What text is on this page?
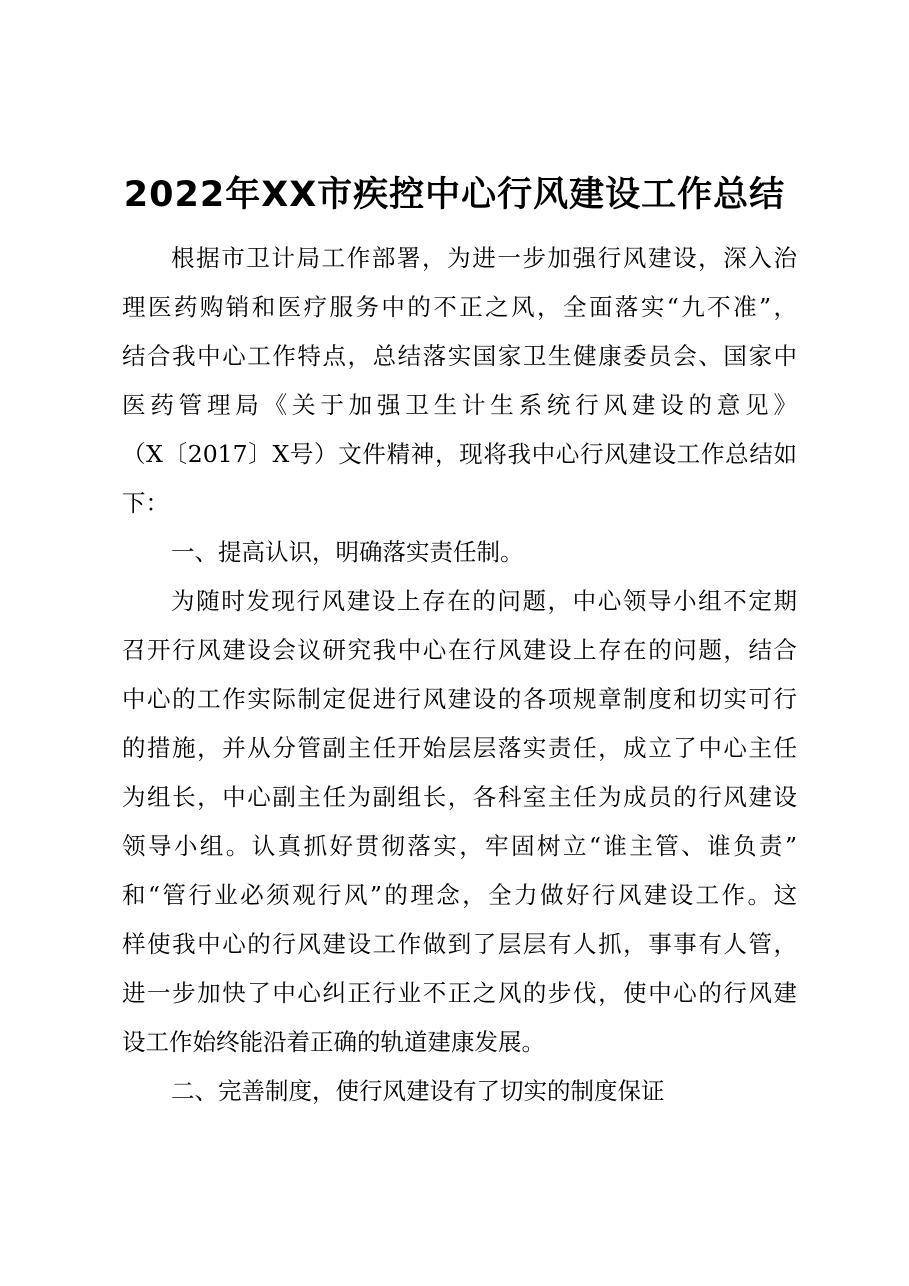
2022年XX市疾控中心行风建设工作总结
根据市卫计局工作部署，为进一步加强行风建设，深入治
理医药购销和医疗服务中的不正之风，全面落实“九不准”，
结合我中心工作特点，总结落实国家卫生健康委员会、国家中
医药管理局《关于加强卫生计生系统行风建设的意见》
（X〔2017〕X号）文件精神，现将我中心行风建设工作总结如
下：
一、提高认识，明确落实责任制。
为随时发现行风建设上存在的问题，中心领导小组不定期
召开行风建设会议研究我中心在行风建设上存在的问题，结合
中心的工作实际制定促进行风建设的各项规章制度和切实可行
的措施，并从分管副主任开始层层落实责任，成立了中心主任
为组长，中心副主任为副组长，各科室主任为成员的行风建设
领导小组。认真抓好贯彻落实，牢固树立“谁主管、谁负责”
和“管行业必须观行风”的理念，全力做好行风建设工作。这
样使我中心的行风建设工作做到了层层有人抓，事事有人管，
进一步加快了中心纠正行业不正之风的步伐，使中心的行风建
设工作始终能沿着正确的轨道建康发展。
二、完善制度，使行风建设有了切实的制度保证
